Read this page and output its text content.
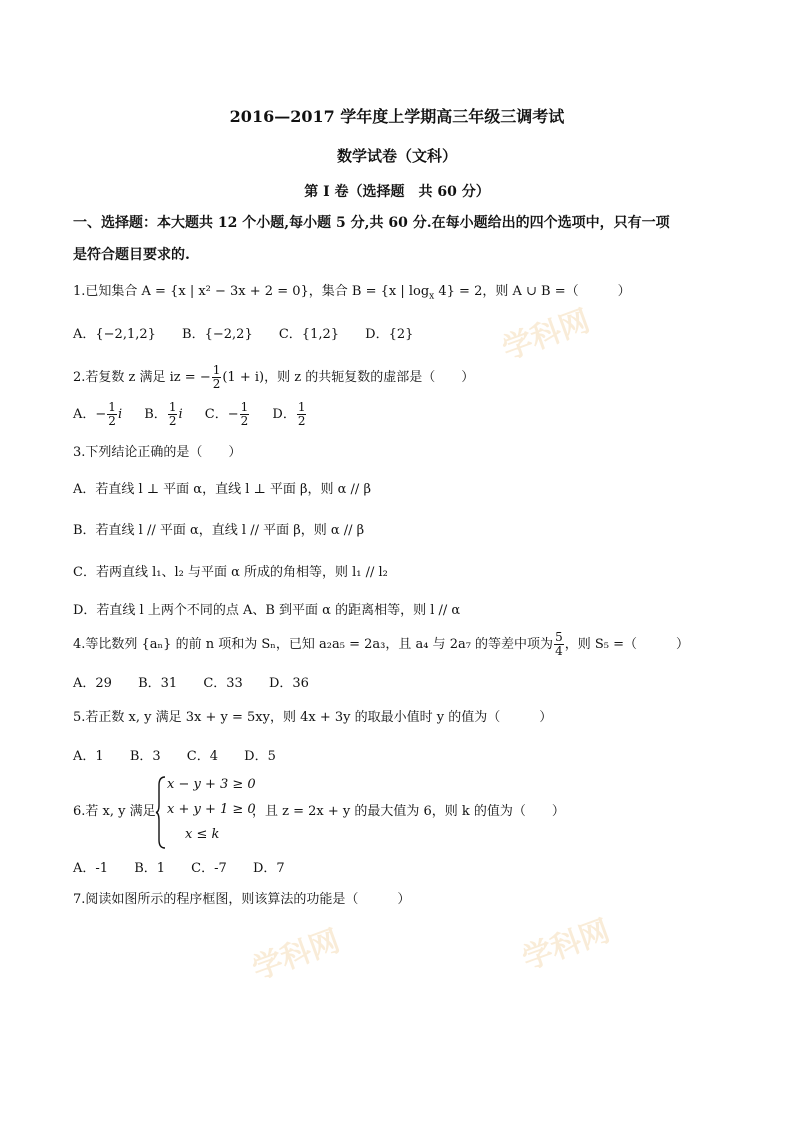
学科网
学科网
学科网
2016—2017 学年度上学期高三年级三调考试
数学试卷（文科）
第 I 卷（选择题　共 60 分）
一、选择题：本大题共 12 个小题,每小题 5 分,共 60 分.在每小题给出的四个选项中，只有一项
是符合题目要求的.
1.已知集合 A = {x | x² − 3x + 2 = 0}，集合 B = {x | $\log_x 4\} = 2$，则 A ∪ B =（　　　）
A．{−2,1,2} B．{−2,2} C．{1,2} D．{2}
2.若复数 z 满足 iz = − $\frac{1}{2} (1 + i)$，则 z 的共轭复数的虚部是（　　）
A．− $\frac{1}{2}$ i B． $\frac{1}{2}$ i C．− $\frac{1}{2}$ D． $\frac{1}{2}$
3.下列结论正确的是（　　）
A．若直线 l ⊥ 平面 α，直线 l ⊥ 平面 β，则 α // β
B．若直线 l // 平面 α，直线 l // 平面 β，则 α // β
C．若两直线 l₁、l₂ 与平面 α 所成的角相等，则 l₁ // l₂
D．若直线 l 上两个不同的点 A、B 到平面 α 的距离相等，则 l // α
4.等比数列 {aₙ} 的前 n 项和为 Sₙ，已知 a₂a₅ = 2a₃，且 a₄ 与 2a₇ 的等差中项为 $\frac{5}{4}$ ，则 S₅ =（　　　）
A．29 B．31 C．33 D．36
5.若正数 x, y 满足 3x + y = 5xy，则 4x + 3y 的取最小值时 y 的值为（　　　）
A．1 B．3 C．4 D．5
6.若 x, y 满足
x − y + 3 ≥ 0
x + y + 1 ≥ 0
x ≤ k
，且 z = 2x + y 的最大值为 6，则 k 的值为（　　）
A．-1 B．1 C．-7 D．7
7.阅读如图所示的程序框图，则该算法的功能是（　　　）
